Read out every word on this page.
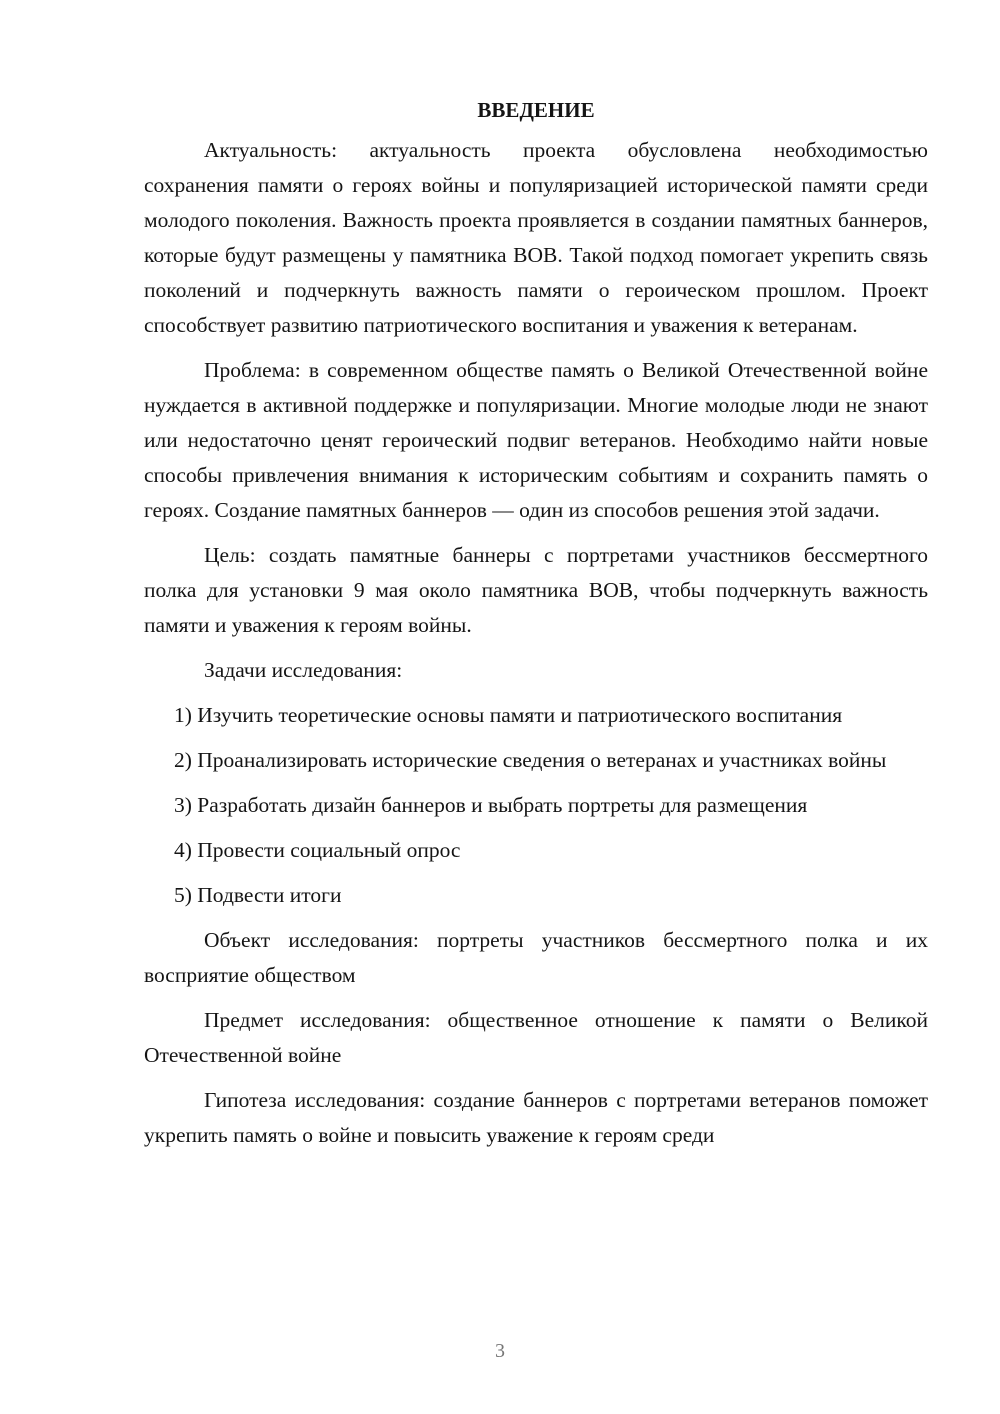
ВВЕДЕНИЕ

Актуальность: актуальность проекта обусловлена необходимостью сохранения памяти о героях войны и популяризацией исторической памяти среди молодого поколения. Важность проекта проявляется в создании памятных баннеров, которые будут размещены у памятника ВОВ. Такой подход помогает укрепить связь поколений и подчеркнуть важность памяти о героическом прошлом. Проект способствует развитию патриотического воспитания и уважения к ветеранам.

Проблема: в современном обществе память о Великой Отечественной войне нуждается в активной поддержке и популяризации. Многие молодые люди не знают или недостаточно ценят героический подвиг ветеранов. Необходимо найти новые способы привлечения внимания к историческим событиям и сохранить память о героях. Создание памятных баннеров — один из способов решения этой задачи.

Цель: создать памятные баннеры с портретами участников бессмертного полка для установки 9 мая около памятника ВОВ, чтобы подчеркнуть важность памяти и уважения к героям войны.

Задачи исследования:

1) Изучить теоретические основы памяти и патриотического воспитания

2) Проанализировать исторические сведения о ветеранах и участниках войны

3) Разработать дизайн баннеров и выбрать портреты для размещения

4) Провести социальный опрос

5) Подвести итоги

Объект исследования: портреты участников бессмертного полка и их восприятие обществом

Предмет исследования: общественное отношение к памяти о Великой Отечественной войне

Гипотеза исследования: создание баннеров с портретами ветеранов поможет укрепить память о войне и повысить уважение к героям среди

3
